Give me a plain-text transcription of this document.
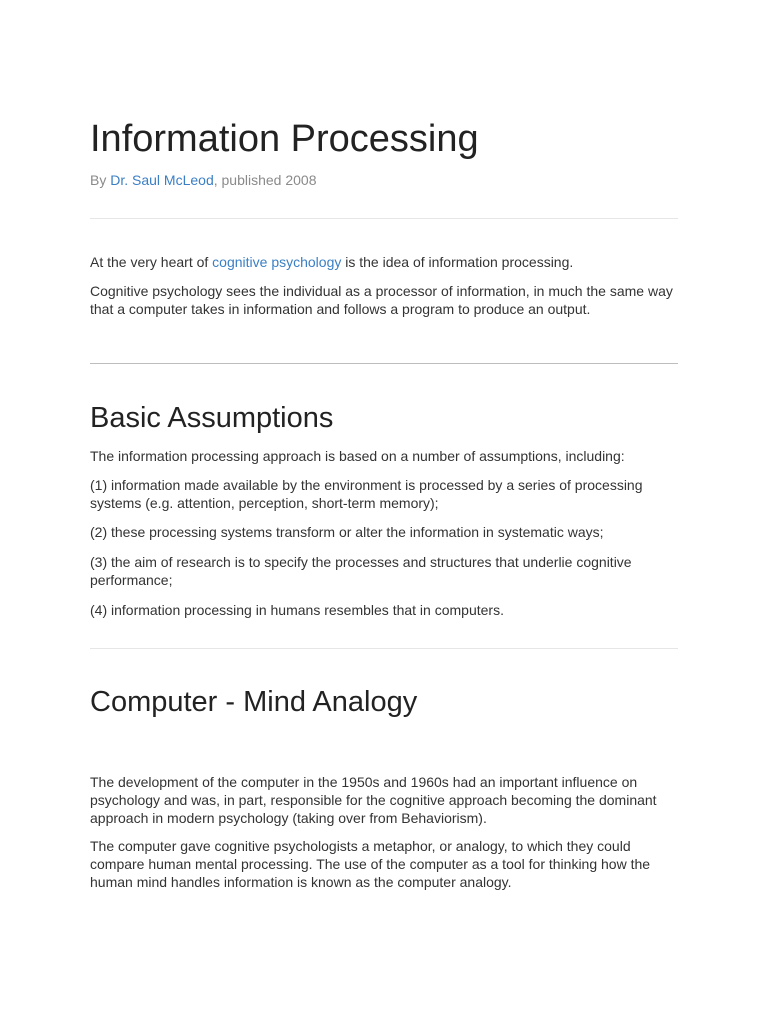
Information Processing
By Dr. Saul McLeod, published 2008

At the very heart of cognitive psychology is the idea of information processing.

Cognitive psychology sees the individual as a processor of information, in much the same way that a computer takes in information and follows a program to produce an output.

Basic Assumptions

The information processing approach is based on a number of assumptions, including:

(1) information made available by the environment is processed by a series of processing systems (e.g. attention, perception, short-term memory);

(2) these processing systems transform or alter the information in systematic ways;

(3) the aim of research is to specify the processes and structures that underlie cognitive performance;

(4) information processing in humans resembles that in computers.

Computer - Mind Analogy

The development of the computer in the 1950s and 1960s had an important influence on psychology and was, in part, responsible for the cognitive approach becoming the dominant approach in modern psychology (taking over from Behaviorism).

The computer gave cognitive psychologists a metaphor, or analogy, to which they could compare human mental processing. The use of the computer as a tool for thinking how the human mind handles information is known as the computer analogy.
